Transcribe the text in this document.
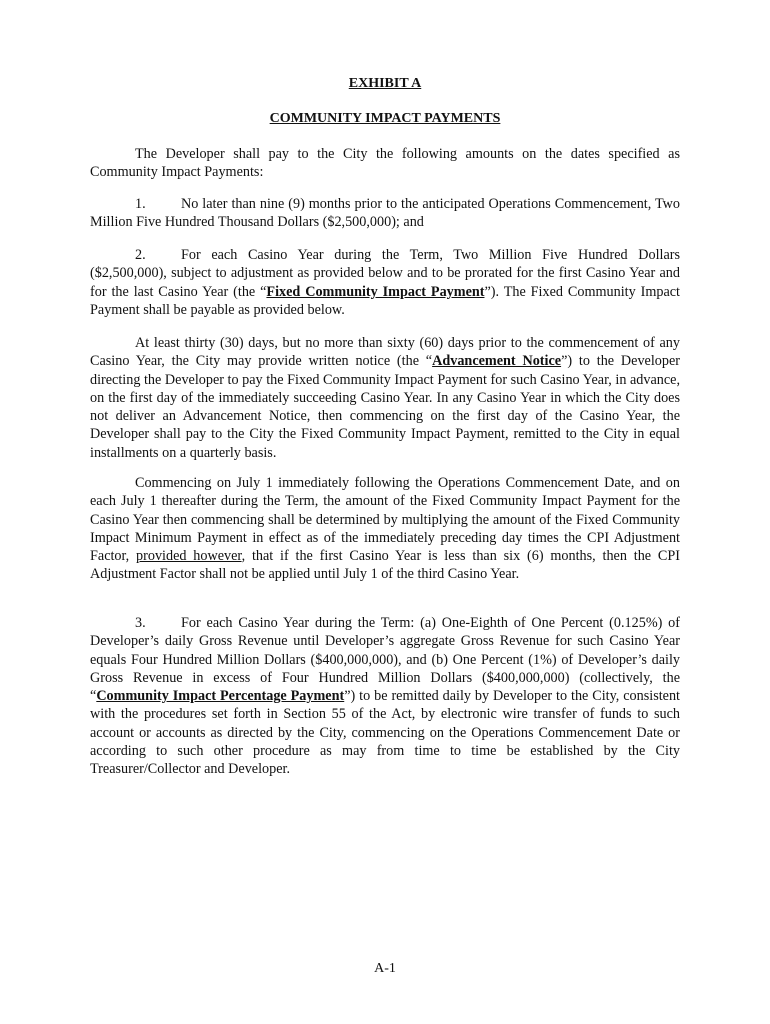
EXHIBIT A
COMMUNITY IMPACT PAYMENTS

The Developer shall pay to the City the following amounts on the dates specified as Community Impact Payments:

1. No later than nine (9) months prior to the anticipated Operations Commencement, Two Million Five Hundred Thousand Dollars ($2,500,000); and

2. For each Casino Year during the Term, Two Million Five Hundred Dollars ($2,500,000), subject to adjustment as provided below and to be prorated for the first Casino Year and for the last Casino Year (the “Fixed Community Impact Payment”). The Fixed Community Impact Payment shall be payable as provided below.

At least thirty (30) days, but no more than sixty (60) days prior to the commencement of any Casino Year, the City may provide written notice (the “Advancement Notice”) to the Developer directing the Developer to pay the Fixed Community Impact Payment for such Casino Year, in advance, on the first day of the immediately succeeding Casino Year. In any Casino Year in which the City does not deliver an Advancement Notice, then commencing on the first day of the Casino Year, the Developer shall pay to the City the Fixed Community Impact Payment, remitted to the City in equal installments on a quarterly basis.

Commencing on July 1 immediately following the Operations Commencement Date, and on each July 1 thereafter during the Term, the amount of the Fixed Community Impact Payment for the Casino Year then commencing shall be determined by multiplying the amount of the Fixed Community Impact Minimum Payment in effect as of the immediately preceding day times the CPI Adjustment Factor, provided however, that if the first Casino Year is less than six (6) months, then the CPI Adjustment Factor shall not be applied until July 1 of the third Casino Year.

3. For each Casino Year during the Term: (a) One-Eighth of One Percent (0.125%) of Developer’s daily Gross Revenue until Developer’s aggregate Gross Revenue for such Casino Year equals Four Hundred Million Dollars ($400,000,000), and (b) One Percent (1%) of Developer’s daily Gross Revenue in excess of Four Hundred Million Dollars ($400,000,000) (collectively, the “Community Impact Percentage Payment”) to be remitted daily by Developer to the City, consistent with the procedures set forth in Section 55 of the Act, by electronic wire transfer of funds to such account or accounts as directed by the City, commencing on the Operations Commencement Date or according to such other procedure as may from time to time be established by the City Treasurer/Collector and Developer.

A-1
